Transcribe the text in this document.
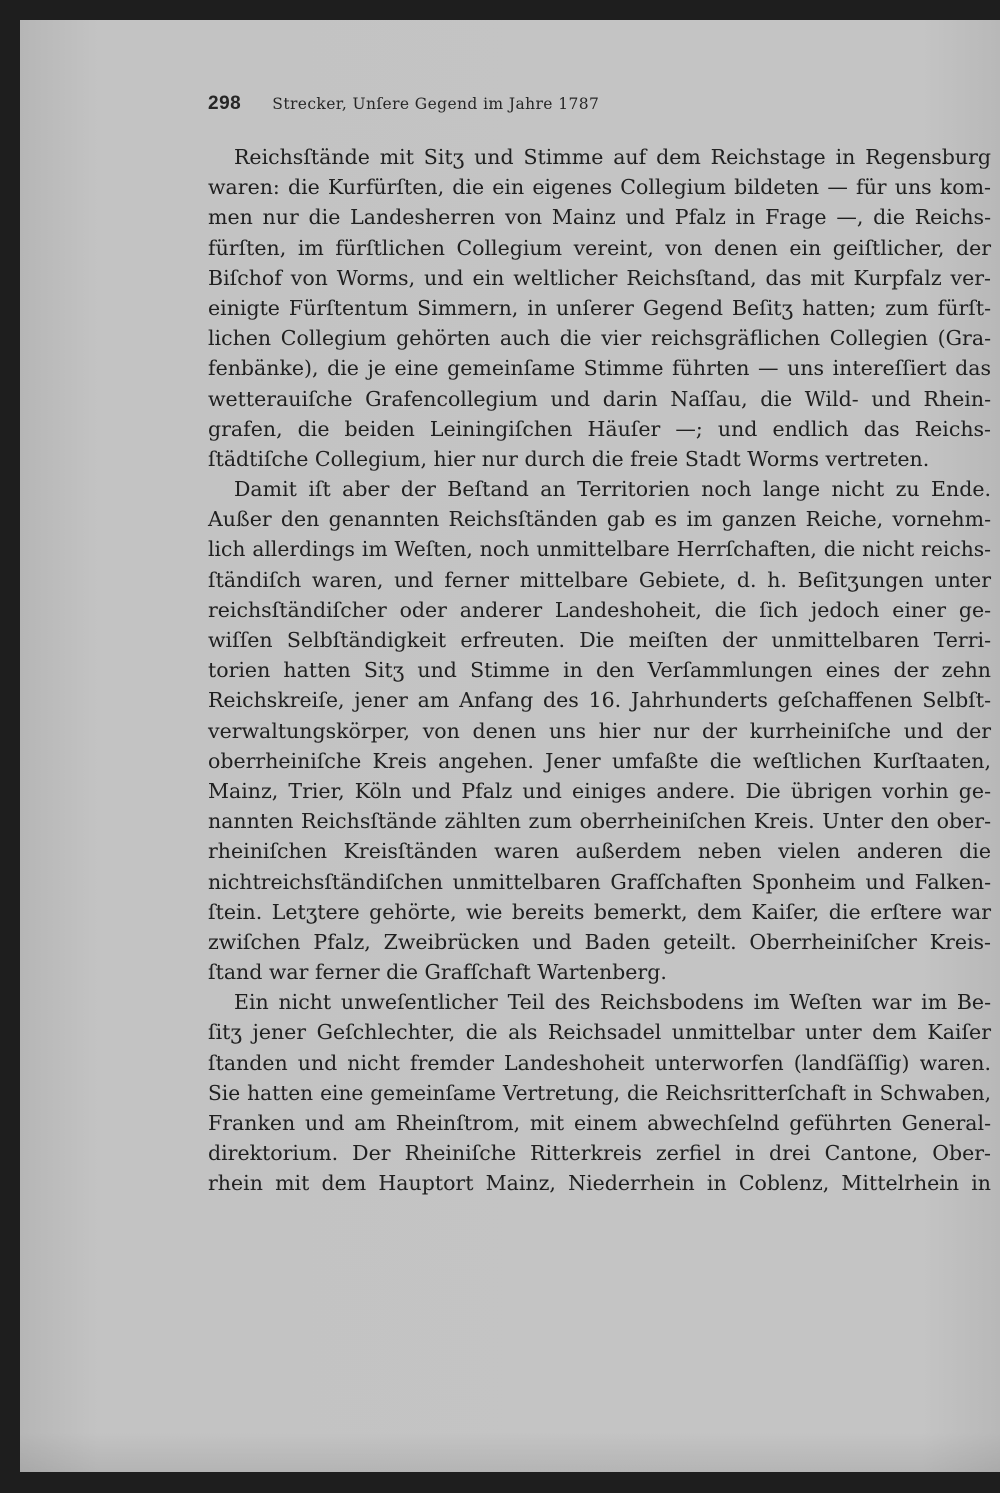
298 Strecker, Unſere Gegend im Jahre 1787
Reichsſtände mit Sitʒ und Stimme auf dem Reichstage in Regensburg
waren: die Kurfürſten, die ein eigenes Collegium bildeten — für uns kom-
men nur die Landesherren von Mainz und Pfalz in Frage —, die Reichs-
fürſten, im fürſtlichen Collegium vereint, von denen ein geiſtlicher, der
Biſchof von Worms, und ein weltlicher Reichsſtand, das mit Kurpfalz ver-
einigte Fürſtentum Simmern, in unſerer Gegend Beſitʒ hatten; zum fürſt-
lichen Collegium gehörten auch die vier reichsgräflichen Collegien (Gra-
fenbänke), die je eine gemeinſame Stimme führten — uns intereſſiert das
wetterauiſche Grafencollegium und darin Naſſau, die Wild- und Rhein-
grafen, die beiden Leiningiſchen Häuſer —; und endlich das Reichs-
ſtädtiſche Collegium, hier nur durch die freie Stadt Worms vertreten.
Damit iſt aber der Beſtand an Territorien noch lange nicht zu Ende.
Außer den genannten Reichsſtänden gab es im ganzen Reiche, vornehm-
lich allerdings im Weſten, noch unmittelbare Herrſchaften, die nicht reichs-
ſtändiſch waren, und ferner mittelbare Gebiete, d. h. Beſitʒungen unter
reichsſtändiſcher oder anderer Landeshoheit, die ſich jedoch einer ge-
wiſſen Selbſtändigkeit erfreuten. Die meiſten der unmittelbaren Terri-
torien hatten Sitʒ und Stimme in den Verſammlungen eines der zehn
Reichskreiſe, jener am Anfang des 16. Jahrhunderts geſchaffenen Selbſt-
verwaltungskörper, von denen uns hier nur der kurrheiniſche und der
oberrheiniſche Kreis angehen. Jener umfaßte die weſtlichen Kurſtaaten,
Mainz, Trier, Köln und Pfalz und einiges andere. Die übrigen vorhin ge-
nannten Reichsſtände zählten zum oberrheiniſchen Kreis. Unter den ober-
rheiniſchen Kreisſtänden waren außerdem neben vielen anderen die
nichtreichsſtändiſchen unmittelbaren Grafſchaften Sponheim und Falken-
ſtein. Letʒtere gehörte, wie bereits bemerkt, dem Kaiſer, die erſtere war
zwiſchen Pfalz, Zweibrücken und Baden geteilt. Oberrheiniſcher Kreis-
ſtand war ferner die Grafſchaft Wartenberg.
Ein nicht unweſentlicher Teil des Reichsbodens im Weſten war im Be-
ſitʒ jener Geſchlechter, die als Reichsadel unmittelbar unter dem Kaiſer
ſtanden und nicht fremder Landeshoheit unterworfen (landſäſſig) waren.
Sie hatten eine gemeinſame Vertretung, die Reichsritterſchaft in Schwaben,
Franken und am Rheinſtrom, mit einem abwechſelnd geführten General-
direktorium. Der Rheiniſche Ritterkreis zerfiel in drei Cantone, Ober-
rhein mit dem Hauptort Mainz, Niederrhein in Coblenz, Mittelrhein in
